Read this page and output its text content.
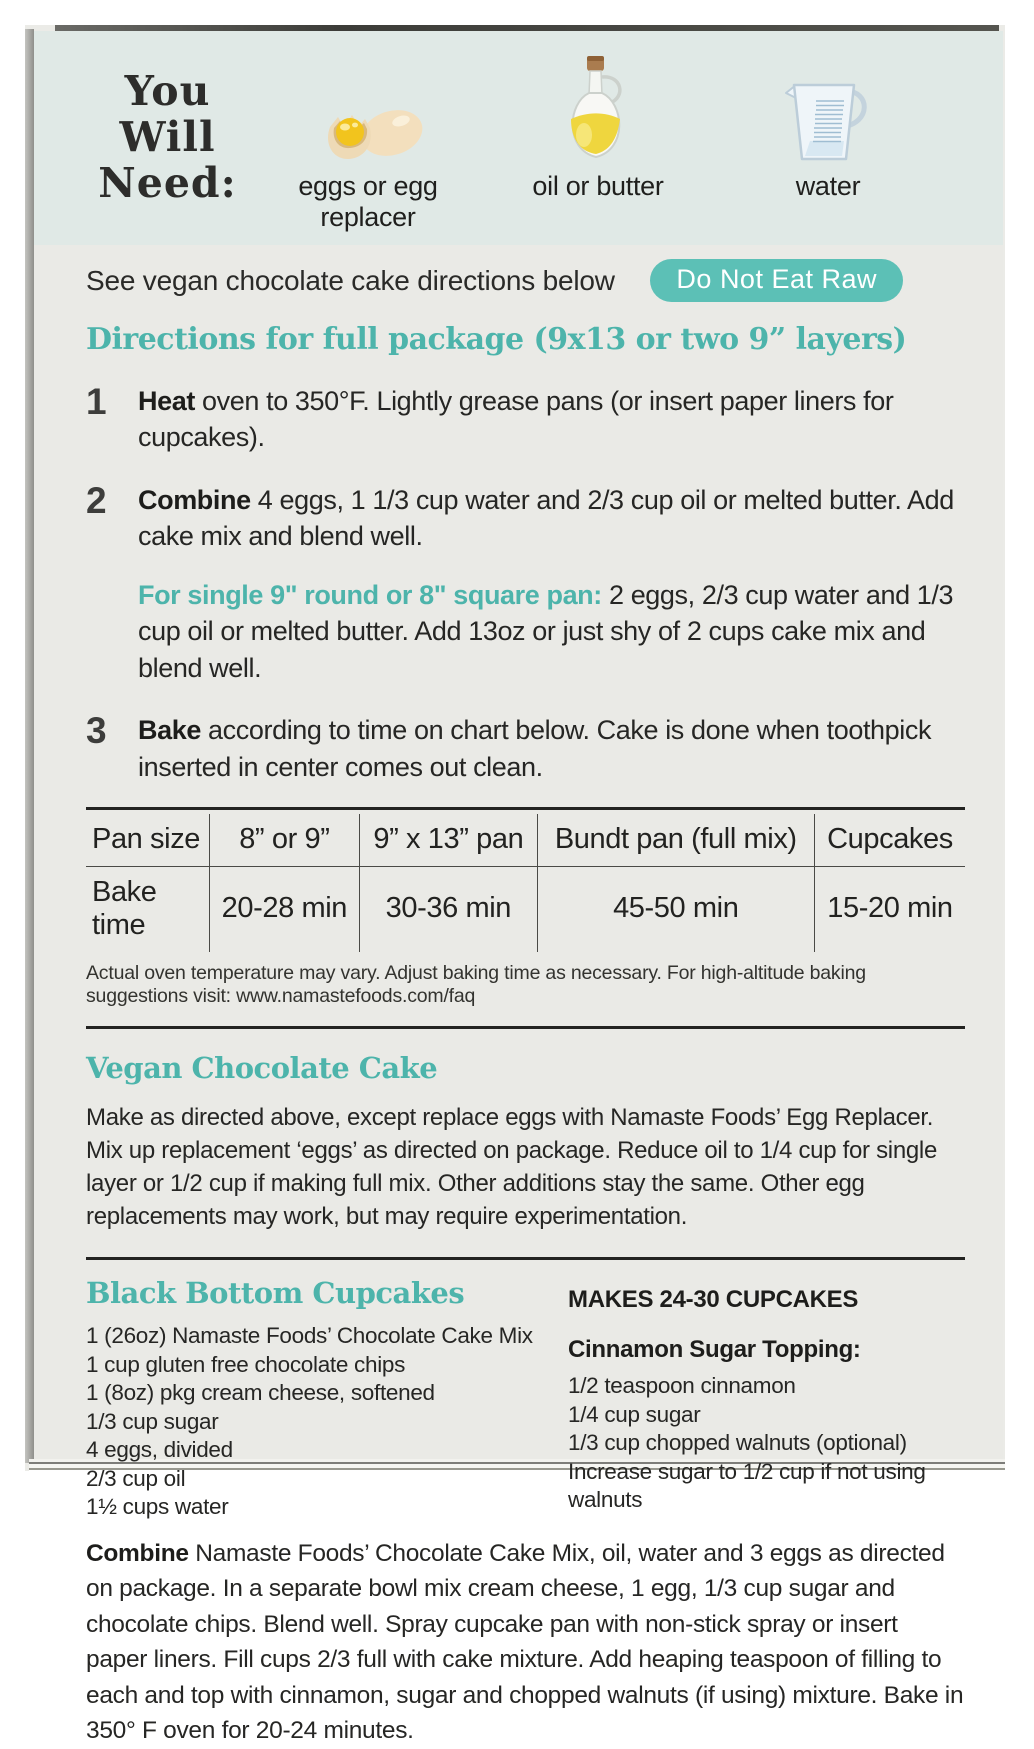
You Will Need:	eggs or egg replacer
oil or butter	water
See vegan chocolate cake directions below	Do Not Eat Raw
Directions for full package (9x13 or two 9” layers)
1	Heat oven to 350°F. Lightly grease pans (or insert paper liners for cupcakes).

2	Combine 4 eggs, 1 1/3 cup water and 2/3 cup oil or melted butter. Add cake mix and blend well.

For single 9" round or 8" square pan: 2 eggs, 2/3 cup water and 1/3 cup oil or melted butter. Add 13oz or just shy of 2 cups cake mix and blend well.

3	Bake according to time on chart below. Cake is done when toothpick inserted in center comes out clean.

Pan size	8” or 9”	9” x 13” pan	Bundt pan (full mix)	Cupcakes
Bake time	20-28 min	30-36 min	45-50 min	15-20 min
Actual oven temperature may vary. Adjust baking time as necessary. For high-altitude baking suggestions visit: www.namastefoods.com/faq
Vegan Chocolate Cake

Make as directed above, except replace eggs with Namaste Foods’ Egg Replacer. Mix up replacement ‘eggs’ as directed on package. Reduce oil to 1/4 cup for single layer or 1/2 cup if making full mix. Other additions stay the same. Other egg replacements may work, but may require experimentation.

Black Bottom Cupcakes
1 (26oz) Namaste Foods’ Chocolate Cake Mix
1 cup gluten free chocolate chips
1 (8oz) pkg cream cheese, softened
1/3 cup sugar
4 eggs, divided
2/3 cup oil
1½ cups water
MAKES 24-30 CUPCAKES
Cinnamon Sugar Topping:
1/2 teaspoon cinnamon
1/4 cup sugar
1/3 cup chopped walnuts (optional)
Increase sugar to 1/2 cup if not using walnuts

Combine Namaste Foods’ Chocolate Cake Mix, oil, water and 3 eggs as directed on package. In a separate bowl mix cream cheese, 1 egg, 1/3 cup sugar and chocolate chips. Blend well. Spray cupcake pan with non-stick spray or insert paper liners. Fill cups 2/3 full with cake mixture. Add heaping teaspoon of filling to each and top with cinnamon, sugar and chopped walnuts (if using) mixture. Bake in 350° F oven for 20-24 minutes.
